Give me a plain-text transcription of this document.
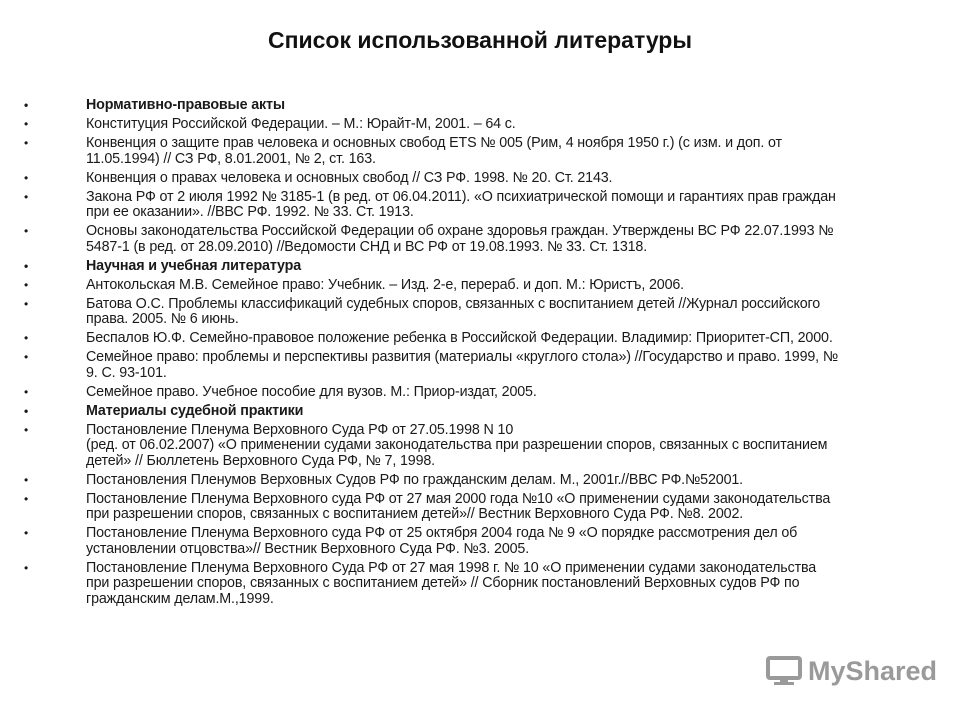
Список использованной литературы
•	Нормативно-правовые акты
•	Конституция Российской Федерации. – М.: Юрайт-М, 2001. – 64 с.
•	Конвенция о защите прав человека и основных свобод ETS № 005 (Рим, 4 ноября 1950 г.) (с изм. и доп. от
11.05.1994) // СЗ РФ, 8.01.2001, № 2, ст. 163.
•	Конвенция о правах человека и основных свобод // СЗ РФ. 1998. № 20. Ст. 2143.
•	Закона РФ от 2 июля 1992 № 3185-1 (в ред. от 06.04.2011). «О психиатрической помощи и гарантиях прав граждан
при ее оказании». //ВВС РФ. 1992. № 33. Ст. 1913.
•	Основы законодательства Российской Федерации об охране здоровья граждан. Утверждены ВС РФ 22.07.1993 №
5487-1 (в ред. от 28.09.2010) //Ведомости СНД и ВС РФ от 19.08.1993. № 33. Ст. 1318.
•	Научная и учебная литература
•	Антокольская М.В. Семейное право: Учебник. – Изд. 2-е, перераб. и доп. М.: Юристъ, 2006.
•	Батова О.С. Проблемы классификаций судебных споров, связанных с воспитанием детей //Журнал российского
права. 2005. № 6 июнь.
•	Беспалов Ю.Ф. Семейно-правовое положение ребенка в Российской Федерации. Владимир: Приоритет-СП, 2000.
•	Семейное право: проблемы и перспективы развития (материалы «круглого стола») //Государство и право. 1999, №
9. С. 93-101.
•	Семейное право. Учебное пособие для вузов. М.: Приор-издат, 2005.
•	Материалы судебной практики
•	Постановление Пленума Верховного Суда РФ от 27.05.1998 N 10
(ред. от 06.02.2007) «О применении судами законодательства при разрешении споров, связанных с воспитанием
детей» // Бюллетень Верховного Суда РФ, № 7, 1998.
•	Постановления Пленумов Верховных Судов РФ по гражданским делам. М., 2001г.//ВВС РФ.№52001.
•	Постановление Пленума Верховного суда РФ от 27 мая 2000 года №10 «О применении судами законодательства
при разрешении споров, связанных с воспитанием детей»// Вестник Верховного Суда РФ. №8. 2002.
•	Постановление Пленума Верховного суда РФ от 25 октября 2004 года № 9 «О порядке рассмотрения дел об
установлении отцовства»// Вестник Верховного Суда РФ. №3. 2005.
•	Постановление Пленума Верховного Суда РФ от 27 мая 1998 г. № 10 «О применении судами законодательства
при разрешении споров, связанных с воспитанием детей» // Сборник постановлений Верховных судов РФ по
гражданским делам.М.,1999.
MyShared
